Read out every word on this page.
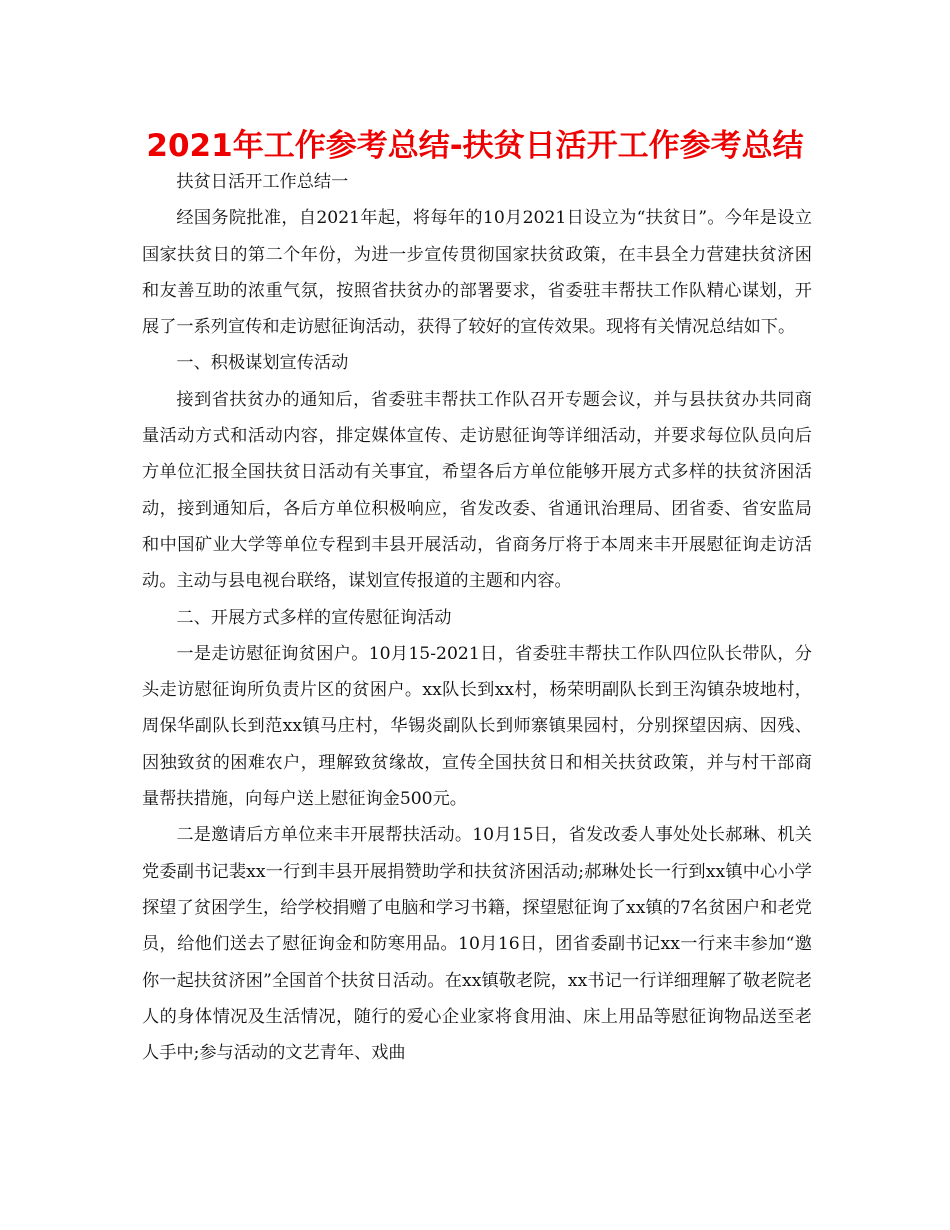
2021年工作参考总结-扶贫日活开工作参考总结

扶贫日活开工作总结一

经国务院批准，自2021年起，将每年的10月2021日设立为“扶贫日”。今年是设立国家扶贫日的第二个年份，为进一步宣传贯彻国家扶贫政策，在丰县全力营建扶贫济困和友善互助的浓重气氛，按照省扶贫办的部署要求，省委驻丰帮扶工作队精心谋划，开展了一系列宣传和走访慰征询活动，获得了较好的宣传效果。现将有关情况总结如下。

一、积极谋划宣传活动

接到省扶贫办的通知后，省委驻丰帮扶工作队召开专题会议，并与县扶贫办共同商量活动方式和活动内容，排定媒体宣传、走访慰征询等详细活动，并要求每位队员向后方单位汇报全国扶贫日活动有关事宜，希望各后方单位能够开展方式多样的扶贫济困活动，接到通知后，各后方单位积极响应，省发改委、省通讯治理局、团省委、省安监局和中国矿业大学等单位专程到丰县开展活动，省商务厅将于本周来丰开展慰征询走访活动。主动与县电视台联络，谋划宣传报道的主题和内容。

二、开展方式多样的宣传慰征询活动

一是走访慰征询贫困户。10月15-2021日，省委驻丰帮扶工作队四位队长带队，分头走访慰征询所负责片区的贫困户。xx队长到xx村，杨荣明副队长到王沟镇杂坡地村，周保华副队长到范xx镇马庄村，华锡炎副队长到师寨镇果园村，分别探望因病、因残、因独致贫的困难农户，理解致贫缘故，宣传全国扶贫日和相关扶贫政策，并与村干部商量帮扶措施，向每户送上慰征询金500元。

二是邀请后方单位来丰开展帮扶活动。10月15日，省发改委人事处处长郝琳、机关党委副书记裴xx一行到丰县开展捐赞助学和扶贫济困活动;郝琳处长一行到xx镇中心小学探望了贫困学生，给学校捐赠了电脑和学习书籍，探望慰征询了xx镇的7名贫困户和老党员，给他们送去了慰征询金和防寒用品。10月16日，团省委副书记xx一行来丰参加“邀你一起扶贫济困”全国首个扶贫日活动。在xx镇敬老院，xx书记一行详细理解了敬老院老人的身体情况及生活情况，随行的爱心企业家将食用油、床上用品等慰征询物品送至老人手中;参与活动的文艺青年、戏曲
